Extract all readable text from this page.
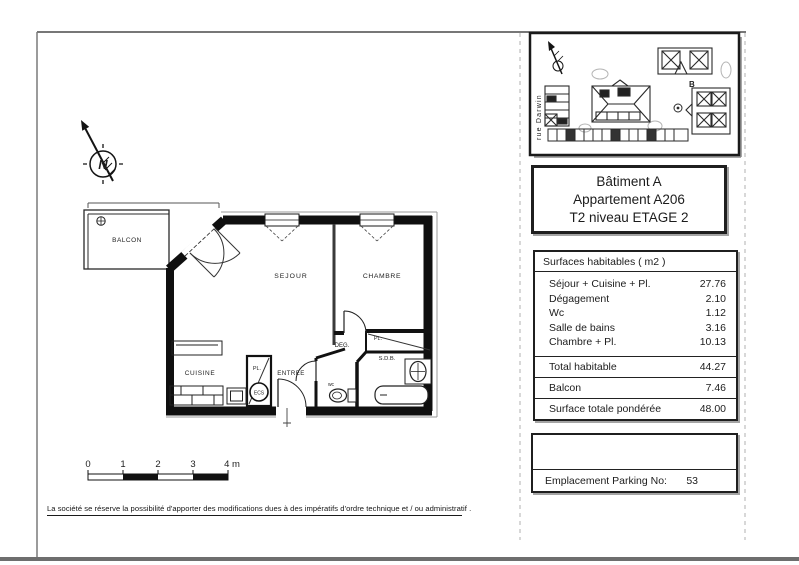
N
ECS
BALCON
SEJOUR	CHAMBRE
CUISINE	ENTREE
PL.
wc
DEG.
S.D.B.
PL.
0	1	2	3	4 m
rue Darwin
B
Bâtiment A
Appartement A206
T2 niveau ETAGE 2
Surfaces habitables ( m2 )
Séjour + Cuisine + Pl.	27.76
Dégagement	2.10
Wc	1.12
Salle de bains	3.16
Chambre + Pl.	10.13
Total habitable	44.27
Balcon	7.46
Surface totale pondérée	48.00
Emplacement Parking No: 53
La société se réserve la possibilité d'apporter des modifications dues à des impératifs d'ordre technique et / ou administratif .
